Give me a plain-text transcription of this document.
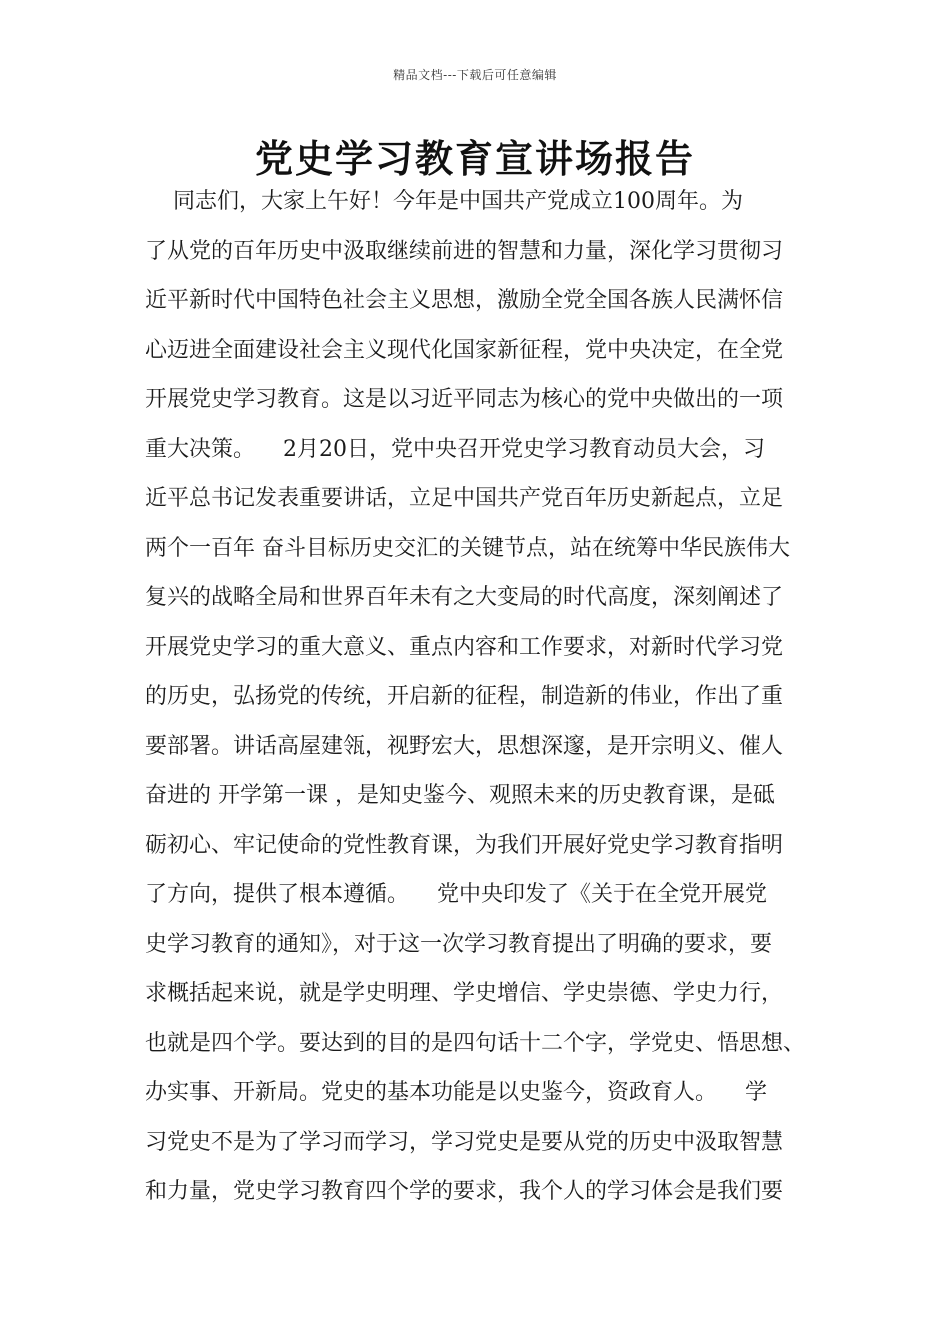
精品文档---下载后可任意编辑
党史学习教育宣讲场报告
同志们，大家上午好！今年是中国共产党成立100周年。为
了从党的百年历史中汲取继续前进的智慧和力量，深化学习贯彻习
近平新时代中国特色社会主义思想，激励全党全国各族人民满怀信
心迈进全面建设社会主义现代化国家新征程，党中央决定，在全党
开展党史学习教育。这是以习近平同志为核心的党中央做出的一项
重大决策。    2月20日，党中央召开党史学习教育动员大会，习
近平总书记发表重要讲话，立足中国共产党百年历史新起点，立足
两个一百年 奋斗目标历史交汇的关键节点，站在统筹中华民族伟大
复兴的战略全局和世界百年未有之大变局的时代高度，深刻阐述了
开展党史学习的重大意义、重点内容和工作要求，对新时代学习党
的历史，弘扬党的传统，开启新的征程，制造新的伟业，作出了重
要部署。讲话高屋建瓴，视野宏大，思想深邃，是开宗明义、催人
奋进的 开学第一课 ，是知史鉴今、观照未来的历史教育课，是砥
砺初心、牢记使命的党性教育课，为我们开展好党史学习教育指明
了方向，提供了根本遵循。    党中央印发了《关于在全党开展党
史学习教育的通知》，对于这一次学习教育提出了明确的要求，要
求概括起来说，就是学史明理、学史增信、学史崇德、学史力行，
也就是四个学。要达到的目的是四句话十二个字，学党史、悟思想、
办实事、开新局。党史的基本功能是以史鉴今，资政育人。    学
习党史不是为了学习而学习，学习党史是要从党的历史中汲取智慧
和力量，党史学习教育四个学的要求，我个人的学习体会是我们要
